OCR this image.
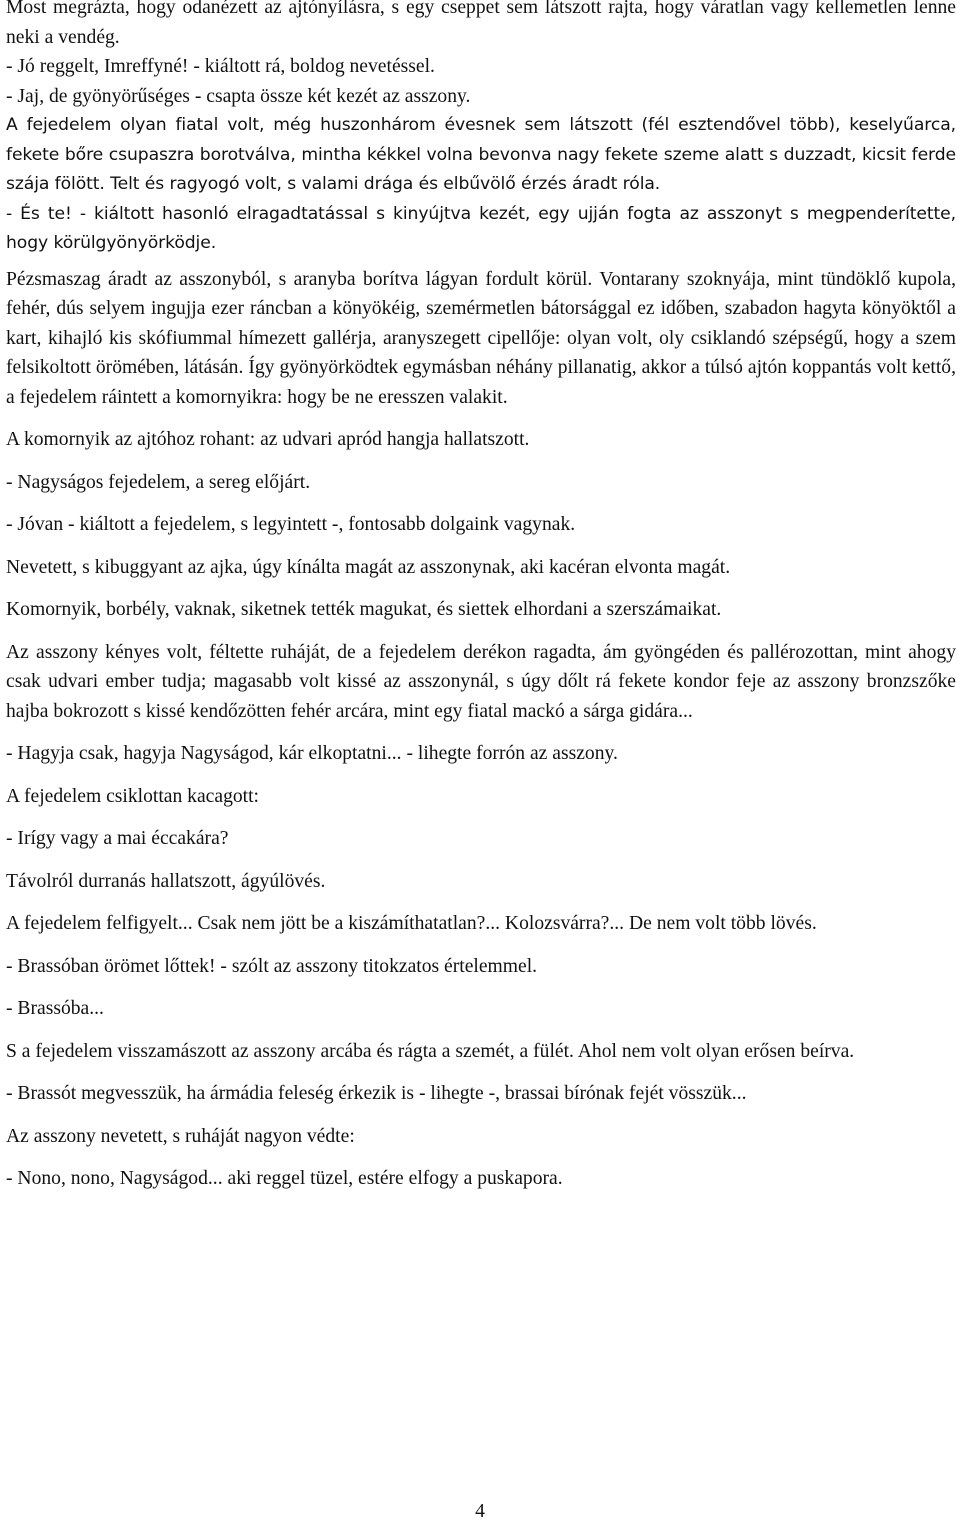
Most megrázta, hogy odanézett az ajtónyílásra, s egy cseppet sem látszott rajta, hogy váratlan vagy kellemetlen lenne neki a vendég.

- Jó reggelt, Imreffyné! - kiáltott rá, boldog nevetéssel.

- Jaj, de gyönyörűséges - csapta össze két kezét az asszony.

A fejedelem olyan fiatal volt, még huszonhárom évesnek sem látszott (fél esztendővel több), keselyűarca, fekete bőre csupaszra borotválva, mintha kékkel volna bevonva nagy fekete szeme alatt s duzzadt, kicsit ferde szája fölött. Telt és ragyogó volt, s valami drága és elbűvölő érzés áradt róla.

- És te! - kiáltott hasonló elragadtatással s kinyújtva kezét, egy ujján fogta az asszonyt s megpenderítette, hogy körülgyönyörködje.

Pézsmaszag áradt az asszonyból, s aranyba borítva lágyan fordult körül. Vontarany szoknyája, mint tündöklő kupola, fehér, dús selyem ingujja ezer ráncban a könyökéig, szemérmetlen bátorsággal ez időben, szabadon hagyta könyöktől a kart, kihajló kis skófiummal hímezett gallérja, aranyszegett cipellője: olyan volt, oly csiklandó szépségű, hogy a szem felsikoltott örömében, látásán. Így gyönyörködtek egymásban néhány pillanatig, akkor a túlsó ajtón koppantás volt kettő, a fejedelem ráintett a komornyikra: hogy be ne eresszen valakit.

A komornyik az ajtóhoz rohant: az udvari apród hangja hallatszott.

- Nagyságos fejedelem, a sereg előjárt.

- Jóvan - kiáltott a fejedelem, s legyintett -, fontosabb dolgaink vagynak.

Nevetett, s kibuggyant az ajka, úgy kínálta magát az asszonynak, aki kacéran elvonta magát.

Komornyik, borbély, vaknak, siketnek tették magukat, és siettek elhordani a szerszámaikat.

Az asszony kényes volt, féltette ruháját, de a fejedelem derékon ragadta, ám gyöngéden és pallérozottan, mint ahogy csak udvari ember tudja; magasabb volt kissé az asszonynál, s úgy dőlt rá fekete kondor feje az asszony bronzszőke hajba bokrozott s kissé kendőzötten fehér arcára, mint egy fiatal mackó a sárga gidára...

- Hagyja csak, hagyja Nagyságod, kár elkoptatni... - lihegte forrón az asszony.

A fejedelem csiklottan kacagott:

- Irígy vagy a mai éccakára?

Távolról durranás hallatszott, ágyúlövés.

A fejedelem felfigyelt... Csak nem jött be a kiszámíthatatlan?... Kolozsvárra?... De nem volt több lövés.

- Brassóban örömet lőttek! - szólt az asszony titokzatos értelemmel.

- Brassóba...

S a fejedelem visszamászott az asszony arcába és rágta a szemét, a fülét. Ahol nem volt olyan erősen beírva.

- Brassót megvesszük, ha ármádia feleség érkezik is - lihegte -, brassai bírónak fejét vösszük...

Az asszony nevetett, s ruháját nagyon védte:

- Nono, nono, Nagyságod... aki reggel tüzel, estére elfogy a puskapora.

4
